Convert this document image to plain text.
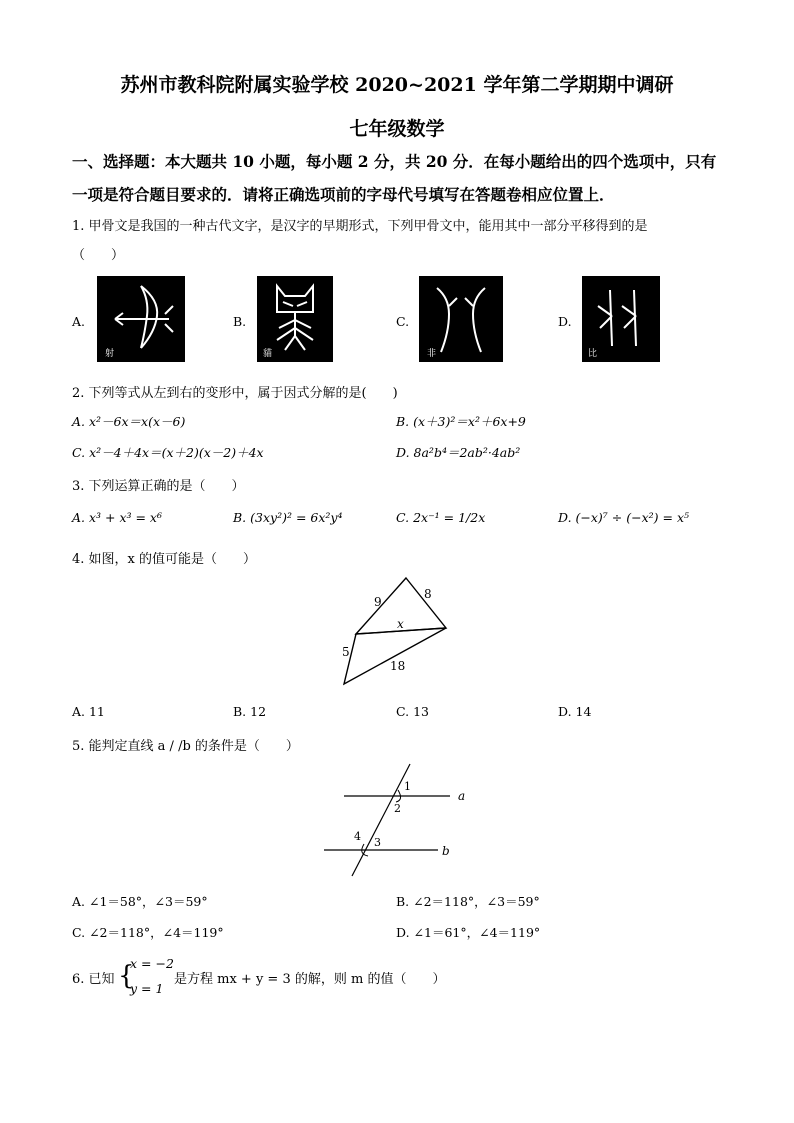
苏州市教科院附属实验学校 2020~2021 学年第二学期期中调研
七年级数学
一、选择题：本大题共 10 小题，每小题 2 分，共 20 分．在每小题给出的四个选项中，只有
一项是符合题目要求的．请将正确选项前的字母代号填写在答题卷相应位置上．
1. 甲骨文是我国的一种古代文字，是汉字的早期形式，下列甲骨文中，能用其中一部分平移得到的是
（　　）
A.
射
B.
貓
C.
非
D.
比
2. 下列等式从左到右的变形中，属于因式分解的是(　　)
A. x²－6x＝x(x－6)	B. (x＋3)²＝x²＋6x+9
C. x²－4＋4x＝(x＋2)(x－2)＋4x	D. 8a²b⁴＝2ab²·4ab²
3. 下列运算正确的是（　　）
A. x³ + x³ = x⁶	B. (3xy²)² = 6x²y⁴	C. 2x⁻¹ = 1/2x	D. (−x)⁷ ÷ (−x²) = x⁵
4. 如图，x 的值可能是（　　）
9
8
x
5
18
A. 11	B. 12	C. 13	D. 14
5. 能判定直线 a / /b 的条件是（　　）
a
b
1
2
3
4
A. ∠1＝58°，∠3＝59°	B. ∠2＝118°，∠3＝59°
C. ∠2＝118°，∠4＝119°	D. ∠1＝61°，∠4＝119°
6. 已知 {
x = −2
y = 1
是方程 mx + y = 3 的解，则 m 的值（　　）
